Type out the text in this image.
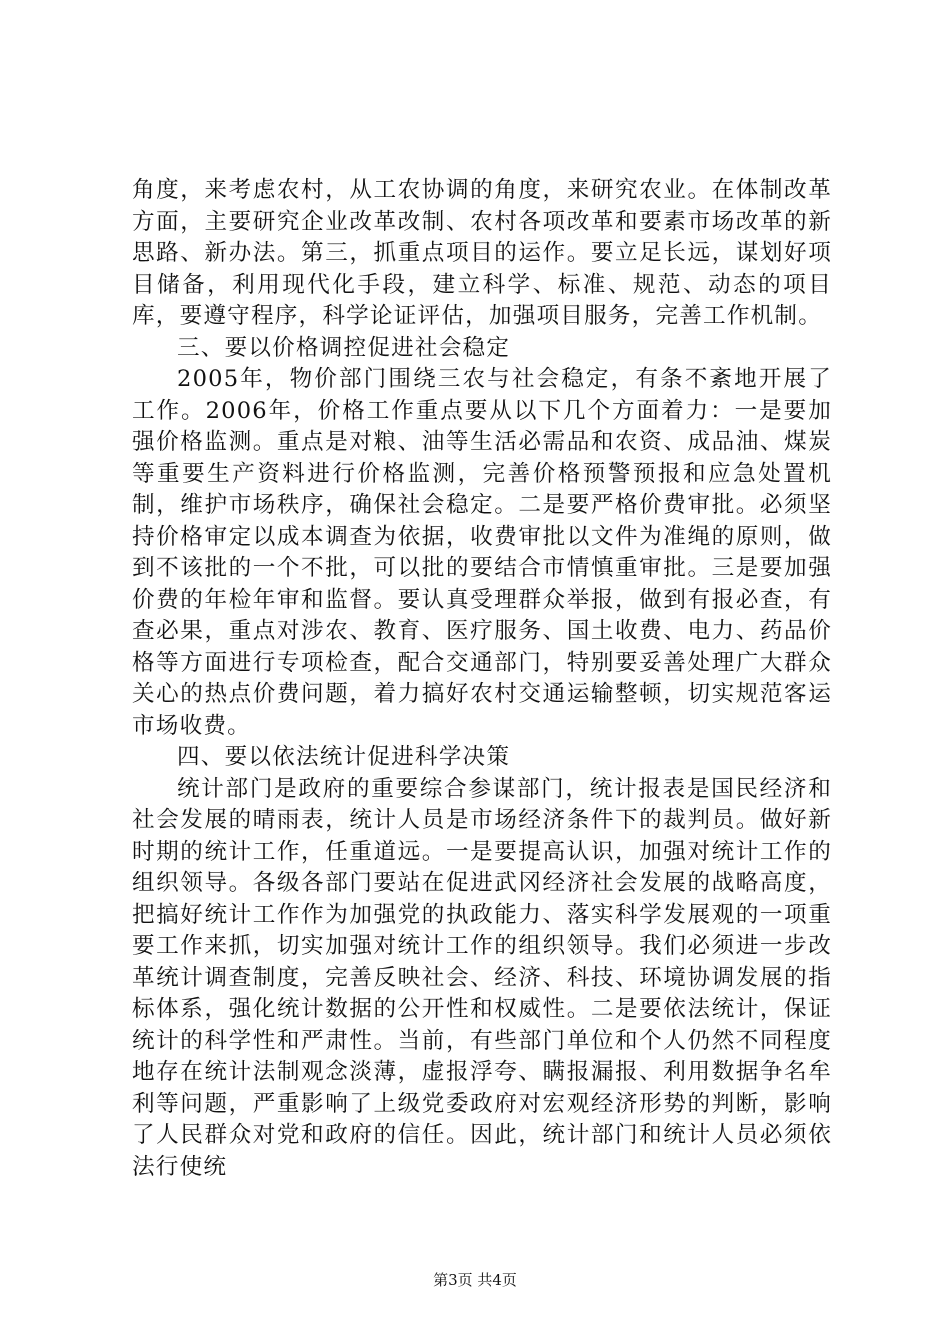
角度，来考虑农村，从工农协调的角度，来研究农业。在体制改革方面，主要研究企业改革改制、农村各项改革和要素市场改革的新思路、新办法。第三，抓重点项目的运作。要立足长远，谋划好项目储备，利用现代化手段，建立科学、标准、规范、动态的项目库，要遵守程序，科学论证评估，加强项目服务，完善工作机制。

三、要以价格调控促进社会稳定

2005年，物价部门围绕三农与社会稳定，有条不紊地开展了工作。2006年，价格工作重点要从以下几个方面着力：一是要加强价格监测。重点是对粮、油等生活必需品和农资、成品油、煤炭等重要生产资料进行价格监测，完善价格预警预报和应急处置机制，维护市场秩序，确保社会稳定。二是要严格价费审批。必须坚持价格审定以成本调查为依据，收费审批以文件为准绳的原则，做到不该批的一个不批，可以批的要结合市情慎重审批。三是要加强价费的年检年审和监督。要认真受理群众举报，做到有报必查，有查必果，重点对涉农、教育、医疗服务、国土收费、电力、药品价格等方面进行专项检查，配合交通部门，特别要妥善处理广大群众关心的热点价费问题，着力搞好农村交通运输整顿，切实规范客运市场收费。

四、要以依法统计促进科学决策

统计部门是政府的重要综合参谋部门，统计报表是国民经济和社会发展的晴雨表，统计人员是市场经济条件下的裁判员。做好新时期的统计工作，任重道远。一是要提高认识，加强对统计工作的组织领导。各级各部门要站在促进武冈经济社会发展的战略高度，把搞好统计工作作为加强党的执政能力、落实科学发展观的一项重要工作来抓，切实加强对统计工作的组织领导。我们必须进一步改革统计调查制度，完善反映社会、经济、科技、环境协调发展的指标体系，强化统计数据的公开性和权威性。二是要依法统计，保证统计的科学性和严肃性。当前，有些部门单位和个人仍然不同程度地存在统计法制观念淡薄，虚报浮夸、瞒报漏报、利用数据争名牟利等问题，严重影响了上级党委政府对宏观经济形势的判断，影响了人民群众对党和政府的信任。因此，统计部门和统计人员必须依法行使统

第3页 共4页
